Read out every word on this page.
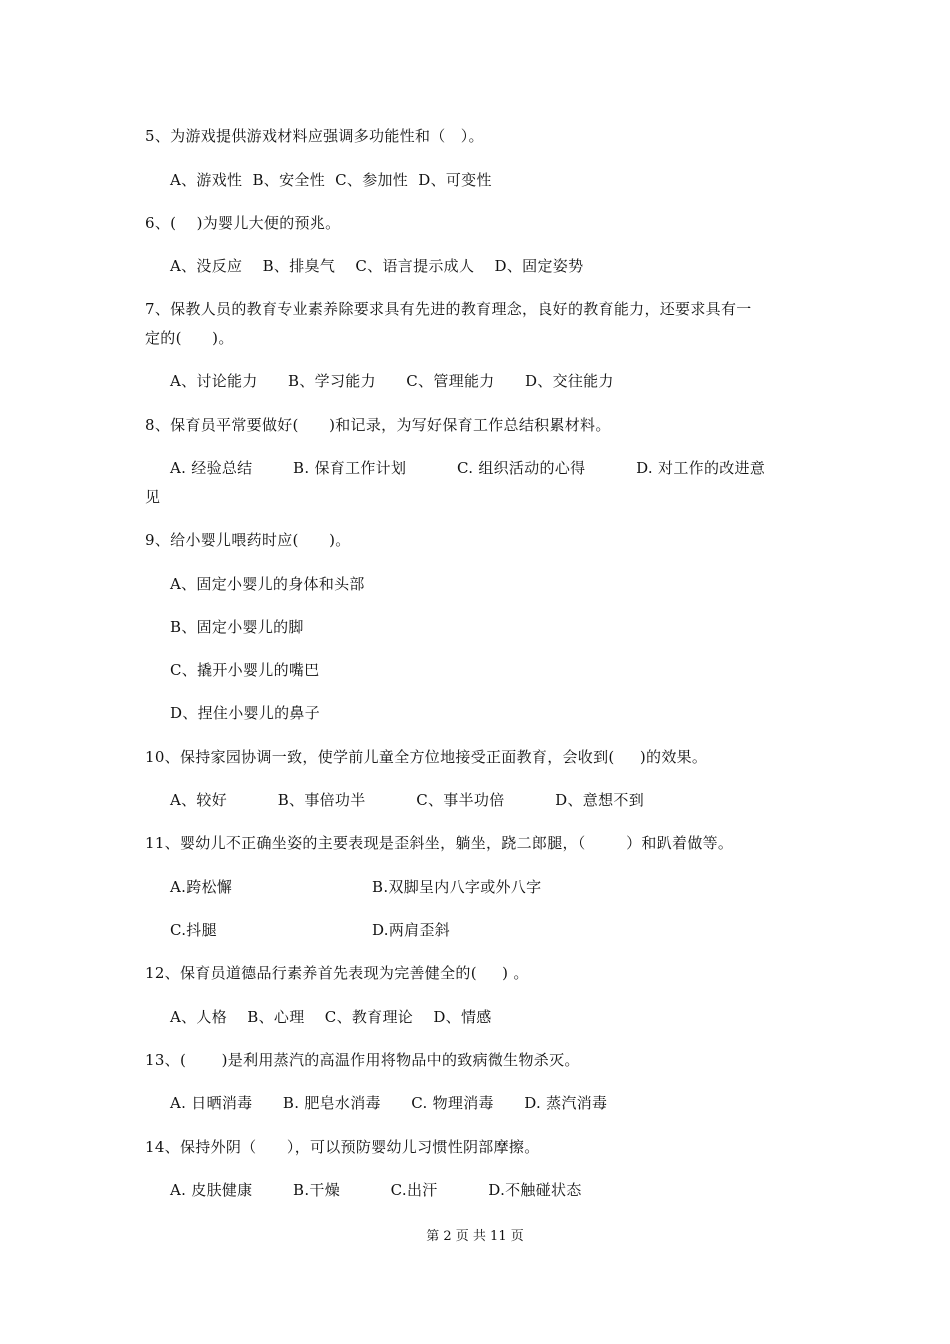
5、为游戏提供游戏材料应强调多功能性和（   ）。
A、游戏性  B、安全性  C、参加性  D、可变性
6、(    )为婴儿大便的预兆。
A、没反应    B、排臭气    C、语言提示成人    D、固定姿势
7、保教人员的教育专业素养除要求具有先进的教育理念，良好的教育能力，还要求具有一
定的(      )。
A、讨论能力      B、学习能力      C、管理能力      D、交往能力
8、保育员平常要做好(      )和记录，为写好保育工作总结积累材料。
A. 经验总结        B. 保育工作计划          C. 组织活动的心得          D. 对工作的改进意
见
9、给小婴儿喂药时应(      )。
A、固定小婴儿的身体和头部
B、固定小婴儿的脚
C、撬开小婴儿的嘴巴
D、捏住小婴儿的鼻子
10、保持家园协调一致，使学前儿童全方位地接受正面教育，会收到(     )的效果。
A、较好          B、事倍功半          C、事半功倍          D、意想不到
11、婴幼儿不正确坐姿的主要表现是歪斜坐，躺坐，跷二郎腿，（        ）和趴着做等。
A.跨松懈	B.双脚呈内八字或外八字
C.抖腿	D.两肩歪斜
12、保育员道德品行素养首先表现为完善健全的(     ) 。
A、人格    B、心理    C、教育理论    D、情感
13、(       )是利用蒸汽的高温作用将物品中的致病微生物杀灭。
A. 日晒消毒      B. 肥皂水消毒      C. 物理消毒      D. 蒸汽消毒
14、保持外阴（      ），可以预防婴幼儿习惯性阴部摩擦。
A. 皮肤健康        B.干燥          C.出汗          D.不触碰状态
第 2 页 共 11 页
